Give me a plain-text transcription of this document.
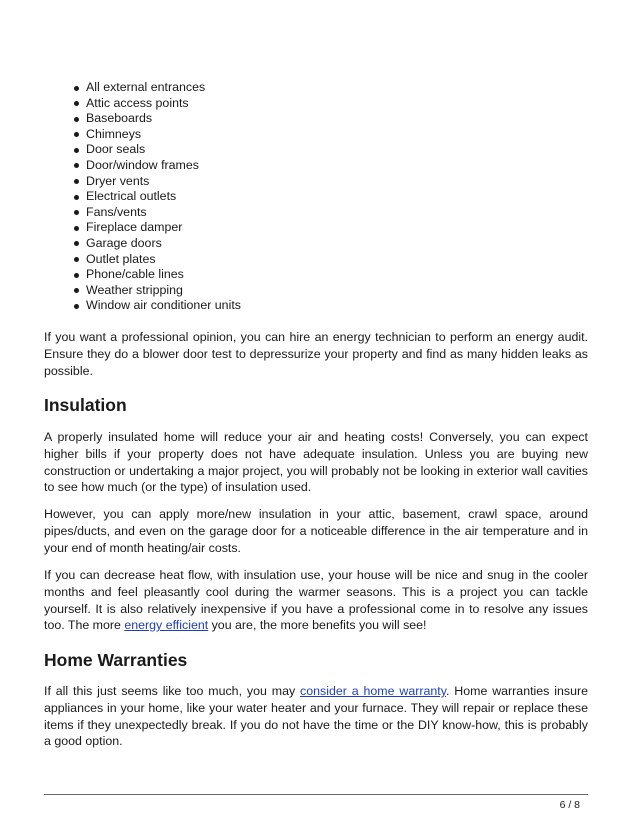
All external entrances
Attic access points
Baseboards
Chimneys
Door seals
Door/window frames
Dryer vents
Electrical outlets
Fans/vents
Fireplace damper
Garage doors
Outlet plates
Phone/cable lines
Weather stripping
Window air conditioner units

If you want a professional opinion, you can hire an energy technician to perform an energy audit.
Ensure they do a blower door test to depressurize your property and find as many hidden leaks as
possible.

Insulation

A properly insulated home will reduce your air and heating costs! Conversely, you can expect
higher bills if your property does not have adequate insulation. Unless you are buying new
construction or undertaking a major project, you will probably not be looking in exterior wall cavities
to see how much (or the type) of insulation used.

However, you can apply more/new insulation in your attic, basement, crawl space, around
pipes/ducts, and even on the garage door for a noticeable difference in the air temperature and in
your end of month heating/air costs.

If you can decrease heat flow, with insulation use, your house will be nice and snug in the cooler
months and feel pleasantly cool during the warmer seasons. This is a project you can tackle
yourself. It is also relatively inexpensive if you have a professional come in to resolve any issues
too. The more energy efficient you are, the more benefits you will see!

Home Warranties

If all this just seems like too much, you may consider a home warranty. Home warranties insure
appliances in your home, like your water heater and your furnace. They will repair or replace these
items if they unexpectedly break. If you do not have the time or the DIY know-how, this is probably
a good option.

6 / 8
